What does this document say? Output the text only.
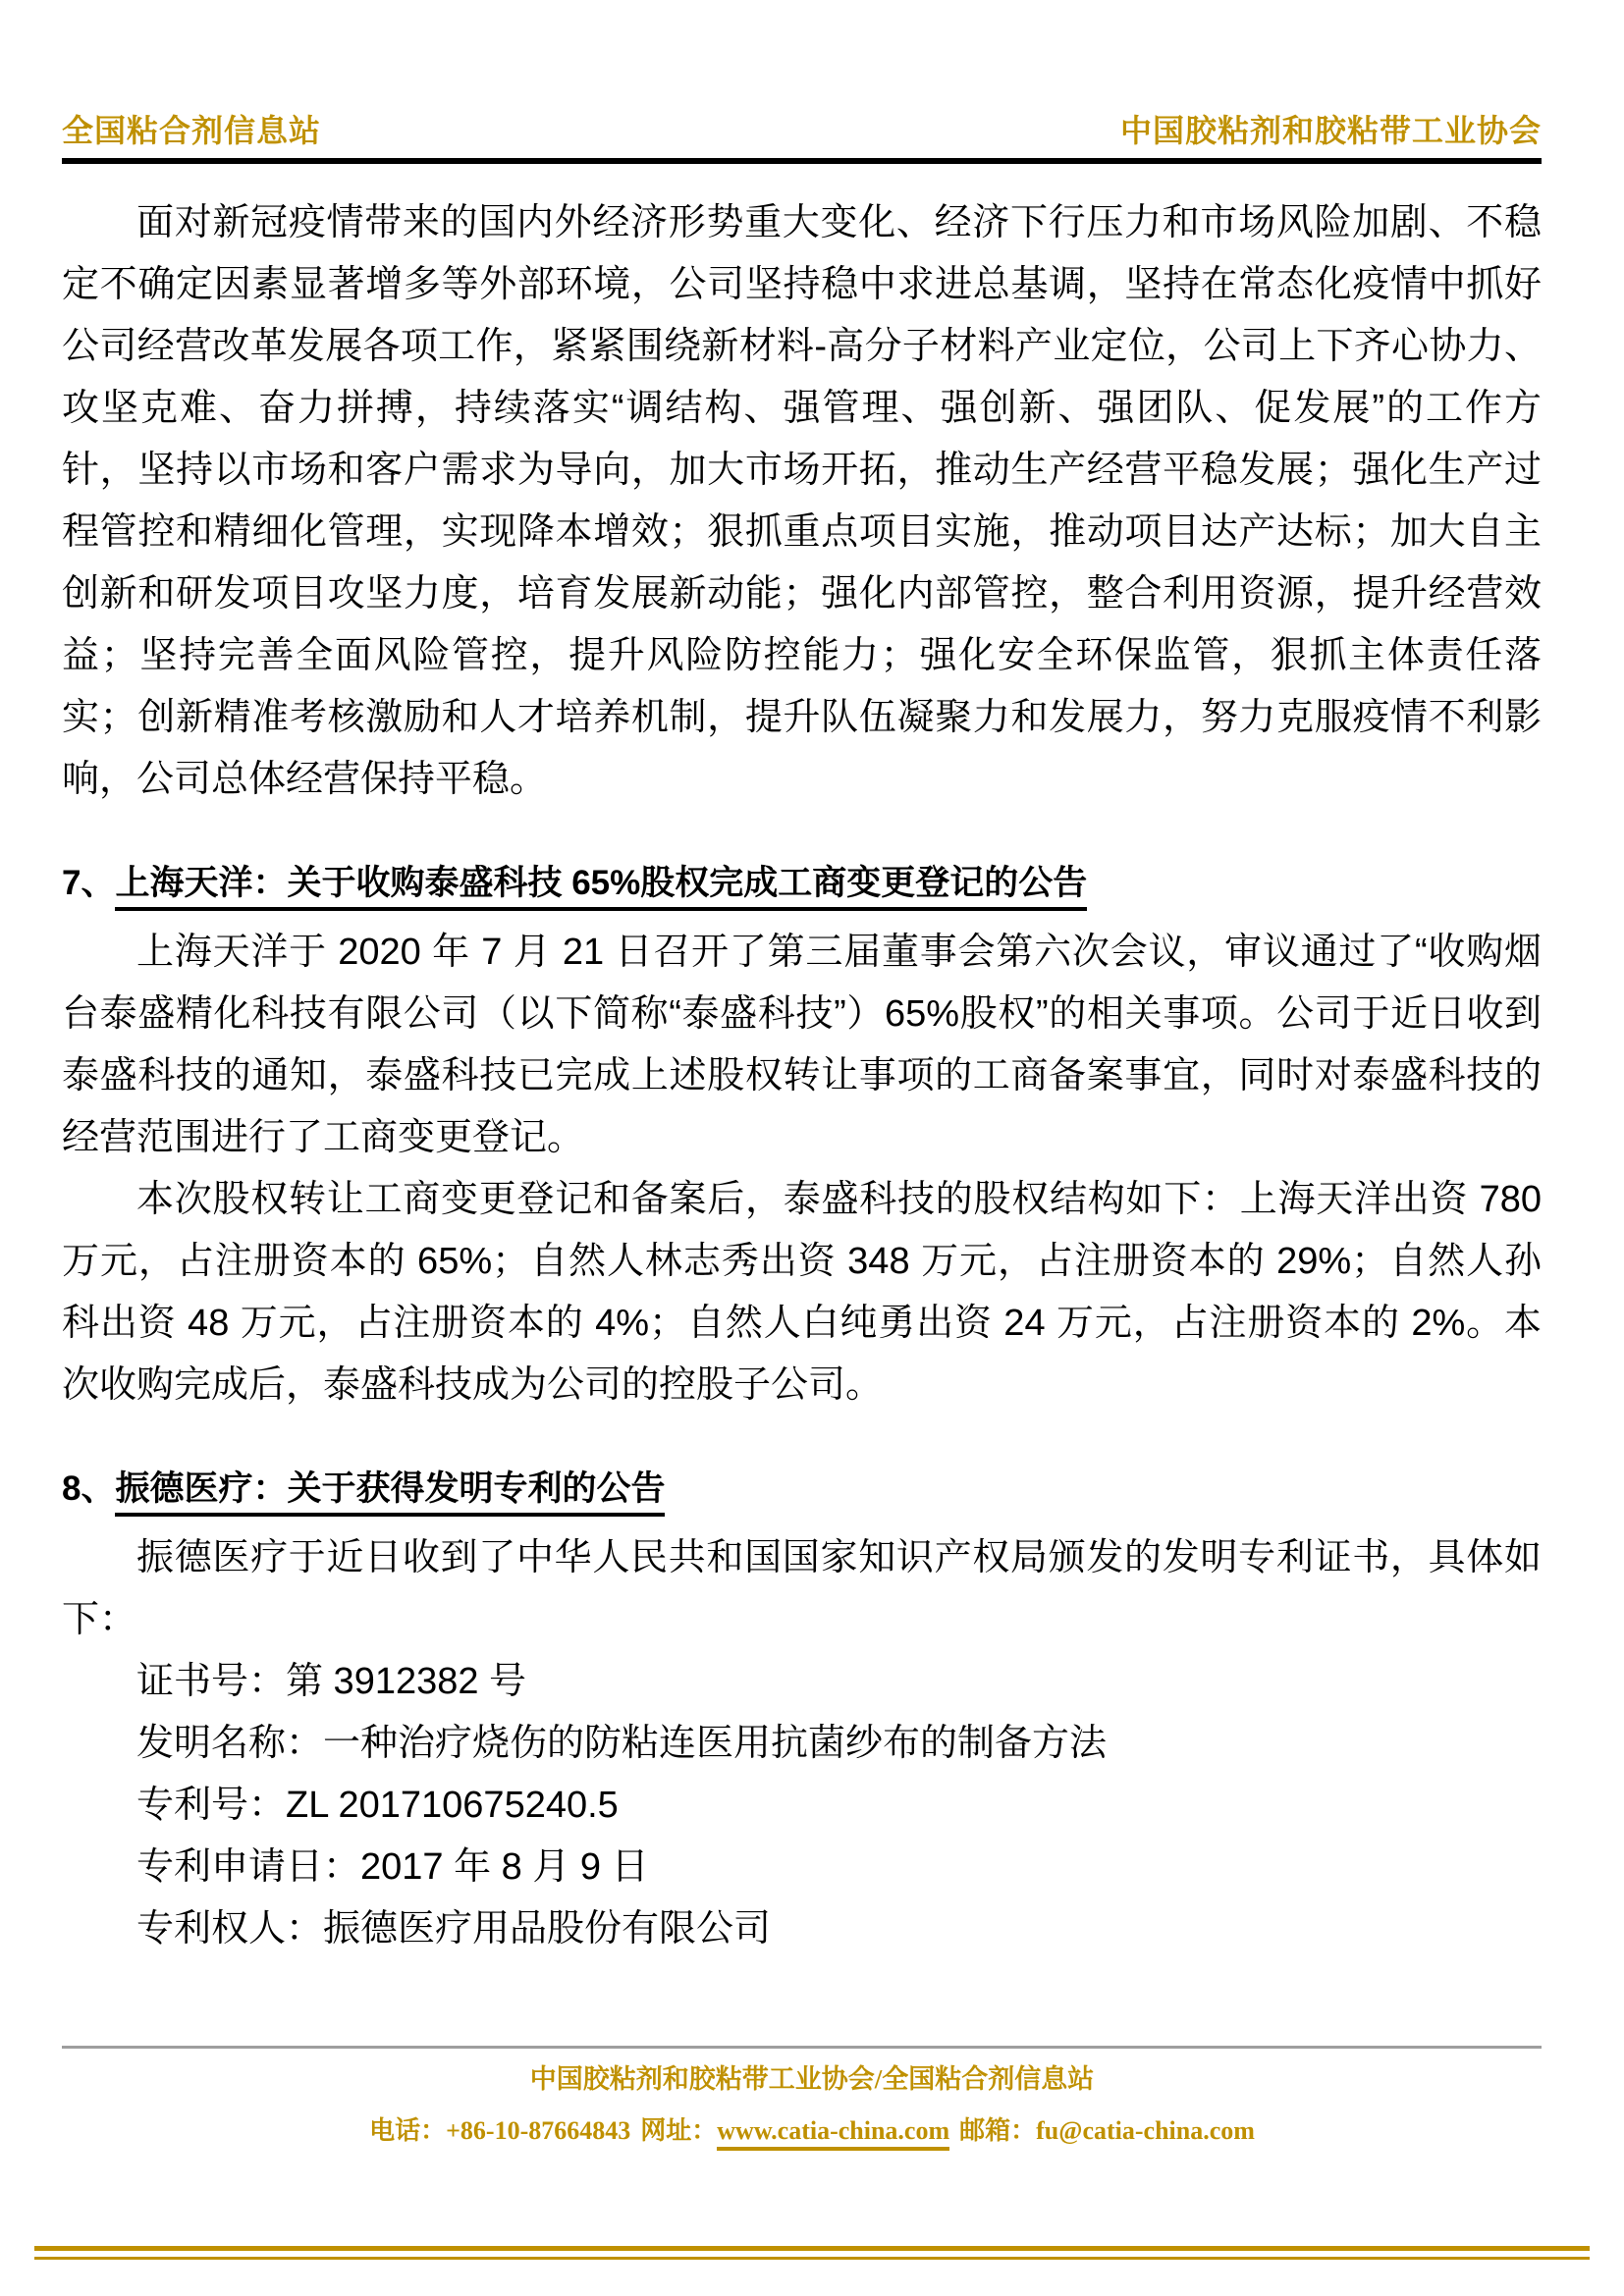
全国粘合剂信息站	中国胶粘剂和胶粘带工业协会

面对新冠疫情带来的国内外经济形势重大变化、经济下行压力和市场风险加剧、不稳定不确定因素显著增多等外部环境，公司坚持稳中求进总基调，坚持在常态化疫情中抓好公司经营改革发展各项工作，紧紧围绕新材料-高分子材料产业定位，公司上下齐心协力、攻坚克难、奋力拼搏，持续落实“调结构、强管理、强创新、强团队、促发展”的工作方针，坚持以市场和客户需求为导向，加大市场开拓，推动生产经营平稳发展；强化生产过程管控和精细化管理，实现降本增效；狠抓重点项目实施，推动项目达产达标；加大自主创新和研发项目攻坚力度，培育发展新动能；强化内部管控，整合利用资源，提升经营效益；坚持完善全面风险管控，提升风险防控能力；强化安全环保监管，狠抓主体责任落实；创新精准考核激励和人才培养机制，提升队伍凝聚力和发展力，努力克服疫情不利影响，公司总体经营保持平稳。

7、上海天洋：关于收购泰盛科技 65%股权完成工商变更登记的公告

上海天洋于 2020 年 7 月 21 日召开了第三届董事会第六次会议，审议通过了“收购烟台泰盛精化科技有限公司（以下简称“泰盛科技”）65%股权”的相关事项。公司于近日收到泰盛科技的通知，泰盛科技已完成上述股权转让事项的工商备案事宜，同时对泰盛科技的经营范围进行了工商变更登记。

本次股权转让工商变更登记和备案后，泰盛科技的股权结构如下：上海天洋出资 780 万元，占注册资本的 65%；自然人林志秀出资 348 万元，占注册资本的 29%；自然人孙科出资 48 万元，占注册资本的 4%；自然人白纯勇出资 24 万元，占注册资本的 2%。本次收购完成后，泰盛科技成为公司的控股子公司。

8、振德医疗：关于获得发明专利的公告

振德医疗于近日收到了中华人民共和国国家知识产权局颁发的发明专利证书，具体如下：

证书号：第 3912382 号

发明名称：一种治疗烧伤的防粘连医用抗菌纱布的制备方法

专利号：ZL 201710675240.5

专利申请日：2017 年 8 月 9 日

专利权人：振德医疗用品股份有限公司

中国胶粘剂和胶粘带工业协会/全国粘合剂信息站
电话：+86-10-87664843 网址：www.catia-china.com 邮箱：fu@catia-china.com
